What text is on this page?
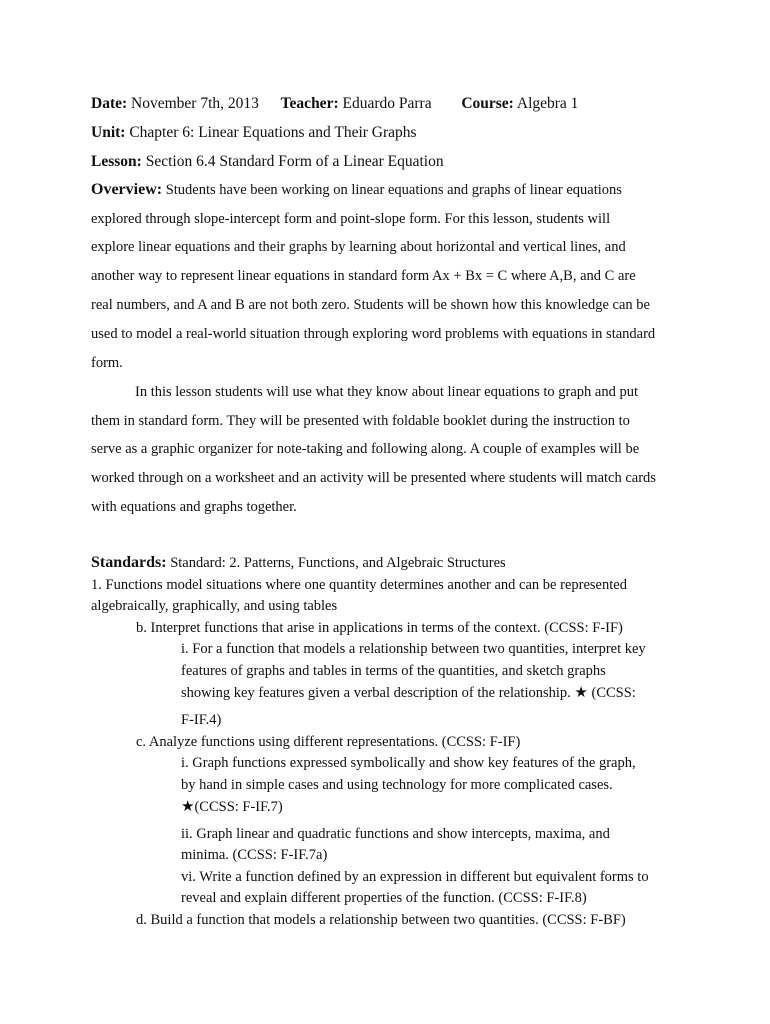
Date: November 7th, 2013 Teacher: Eduardo Parra Course: Algebra 1
Unit: Chapter 6: Linear Equations and Their Graphs
Lesson: Section 6.4 Standard Form of a Linear Equation
Overview: Students have been working on linear equations and graphs of linear equations
explored through slope-intercept form and point-slope form. For this lesson, students will
explore linear equations and their graphs by learning about horizontal and vertical lines, and
another way to represent linear equations in standard form Ax + Bx = C where A,B, and C are
real numbers, and A and B are not both zero. Students will be shown how this knowledge can be
used to model a real-world situation through exploring word problems with equations in standard
form.
In this lesson students will use what they know about linear equations to graph and put
them in standard form. They will be presented with foldable booklet during the instruction to
serve as a graphic organizer for note-taking and following along. A couple of examples will be
worked through on a worksheet and an activity will be presented where students will match cards
with equations and graphs together.
Standards: Standard: 2. Patterns, Functions, and Algebraic Structures
1. Functions model situations where one quantity determines another and can be represented
algebraically, graphically, and using tables
b. Interpret functions that arise in applications in terms of the context. (CCSS: F-IF)
i. For a function that models a relationship between two quantities, interpret key
features of graphs and tables in terms of the quantities, and sketch graphs
showing key features given a verbal description of the relationship. ★ (CCSS:
F-IF.4)
c. Analyze functions using different representations. (CCSS: F-IF)
i. Graph functions expressed symbolically and show key features of the graph,
by hand in simple cases and using technology for more complicated cases.
★(CCSS: F-IF.7)
ii. Graph linear and quadratic functions and show intercepts, maxima, and
minima. (CCSS: F-IF.7a)
vi. Write a function defined by an expression in different but equivalent forms to
reveal and explain different properties of the function. (CCSS: F-IF.8)
d. Build a function that models a relationship between two quantities. (CCSS: F-BF)
